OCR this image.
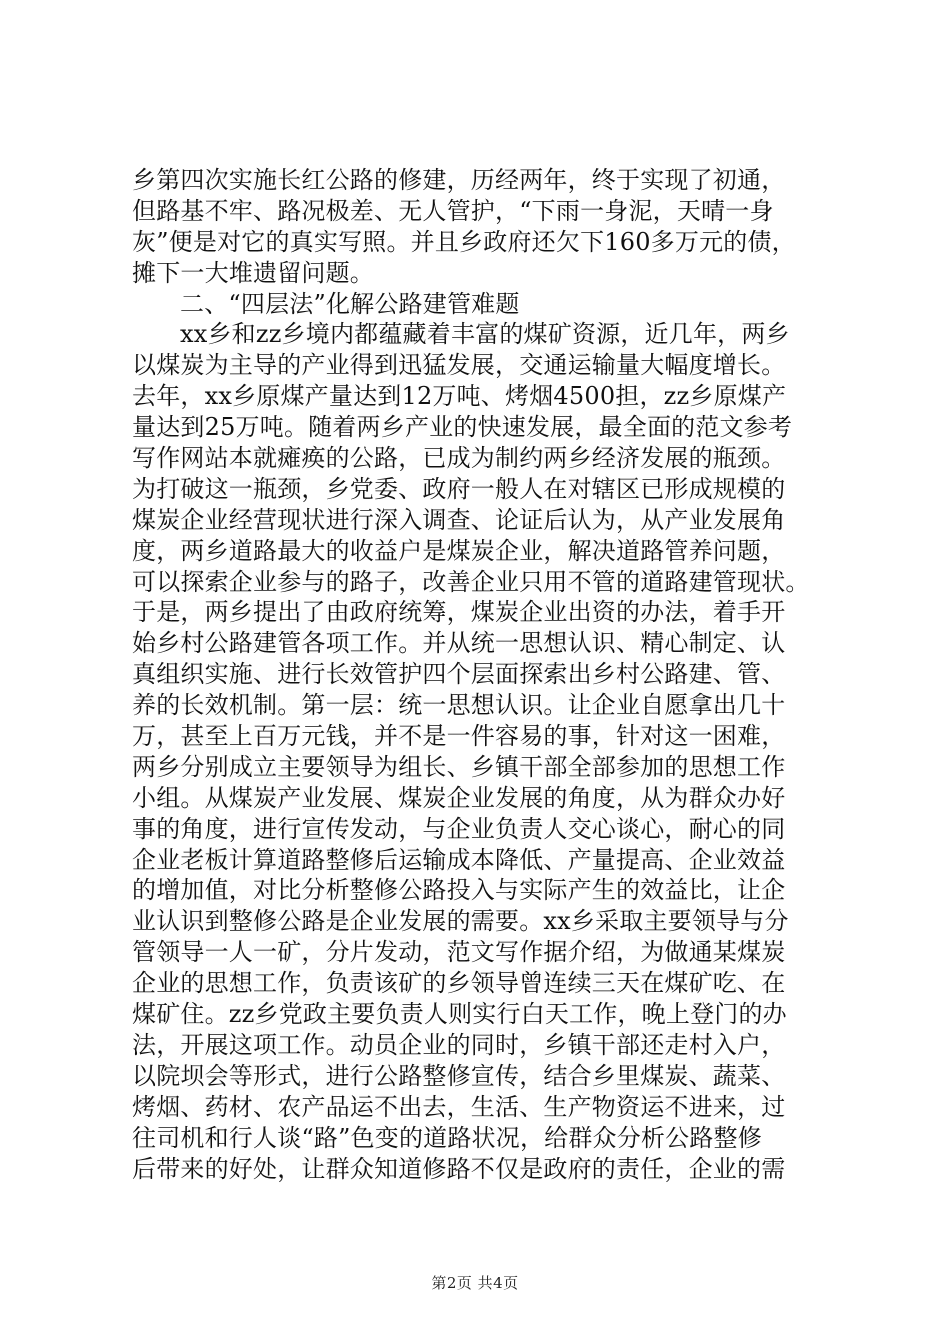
乡第四次实施长红公路的修建，历经两年，终于实现了初通，
但路基不牢、路况极差、无人管护，“下雨一身泥，天晴一身
灰”便是对它的真实写照。并且乡政府还欠下160多万元的债，
摊下一大堆遗留问题。
二、“四层法”化解公路建管难题
xx乡和zz乡境内都蕴藏着丰富的煤矿资源，近几年，两乡
以煤炭为主导的产业得到迅猛发展，交通运输量大幅度增长。
去年，xx乡原煤产量达到12万吨、烤烟4500担，zz乡原煤产
量达到25万吨。随着两乡产业的快速发展，最全面的范文参考
写作网站本就瘫痪的公路，已成为制约两乡经济发展的瓶颈。
为打破这一瓶颈，乡党委、政府一般人在对辖区已形成规模的
煤炭企业经营现状进行深入调查、论证后认为，从产业发展角
度，两乡道路最大的收益户是煤炭企业，解决道路管养问题，
可以探索企业参与的路子，改善企业只用不管的道路建管现状。
于是，两乡提出了由政府统筹，煤炭企业出资的办法，着手开
始乡村公路建管各项工作。并从统一思想认识、精心制定、认
真组织实施、进行长效管护四个层面探索出乡村公路建、管、
养的长效机制。第一层：统一思想认识。让企业自愿拿出几十
万，甚至上百万元钱，并不是一件容易的事，针对这一困难，
两乡分别成立主要领导为组长、乡镇干部全部参加的思想工作
小组。从煤炭产业发展、煤炭企业发展的角度，从为群众办好
事的角度，进行宣传发动，与企业负责人交心谈心，耐心的同
企业老板计算道路整修后运输成本降低、产量提高、企业效益
的增加值，对比分析整修公路投入与实际产生的效益比，让企
业认识到整修公路是企业发展的需要。xx乡采取主要领导与分
管领导一人一矿，分片发动，范文写作据介绍，为做通某煤炭
企业的思想工作，负责该矿的乡领导曾连续三天在煤矿吃、在
煤矿住。zz乡党政主要负责人则实行白天工作，晚上登门的办
法，开展这项工作。动员企业的同时，乡镇干部还走村入户，
以院坝会等形式，进行公路整修宣传，结合乡里煤炭、蔬菜、
烤烟、药材、农产品运不出去，生活、生产物资运不进来，过
往司机和行人谈“路”色变的道路状况，给群众分析公路整修
后带来的好处，让群众知道修路不仅是政府的责任，企业的需
第2页 共4页
